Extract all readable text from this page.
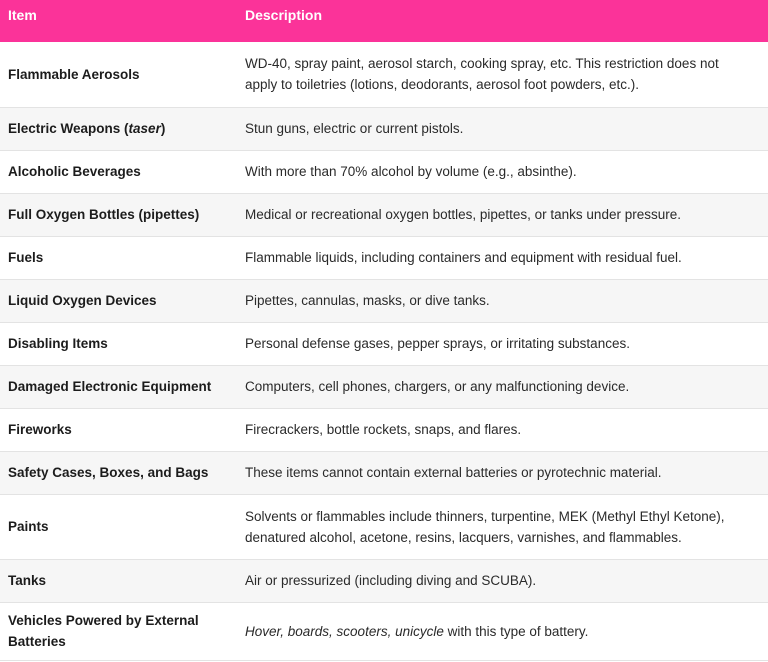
Item	Description
Flammable Aerosols	WD-40, spray paint, aerosol starch, cooking spray, etc. This restriction does not apply to toiletries (lotions, deodorants, aerosol foot powders, etc.).
Electric Weapons (taser)	Stun guns, electric or current pistols.
Alcoholic Beverages	With more than 70% alcohol by volume (e.g., absinthe).
Full Oxygen Bottles (pipettes)	Medical or recreational oxygen bottles, pipettes, or tanks under pressure.
Fuels	Flammable liquids, including containers and equipment with residual fuel.
Liquid Oxygen Devices	Pipettes, cannulas, masks, or dive tanks.
Disabling Items	Personal defense gases, pepper sprays, or irritating substances.
Damaged Electronic Equipment	Computers, cell phones, chargers, or any malfunctioning device.
Fireworks	Firecrackers, bottle rockets, snaps, and flares.
Safety Cases, Boxes, and Bags	These items cannot contain external batteries or pyrotechnic material.
Paints	Solvents or flammables include thinners, turpentine, MEK (Methyl Ethyl Ketone), denatured alcohol, acetone, resins, lacquers, varnishes, and flammables.
Tanks	Air or pressurized (including diving and SCUBA).
Vehicles Powered by External Batteries	Hover, boards, scooters, unicycle with this type of battery.
